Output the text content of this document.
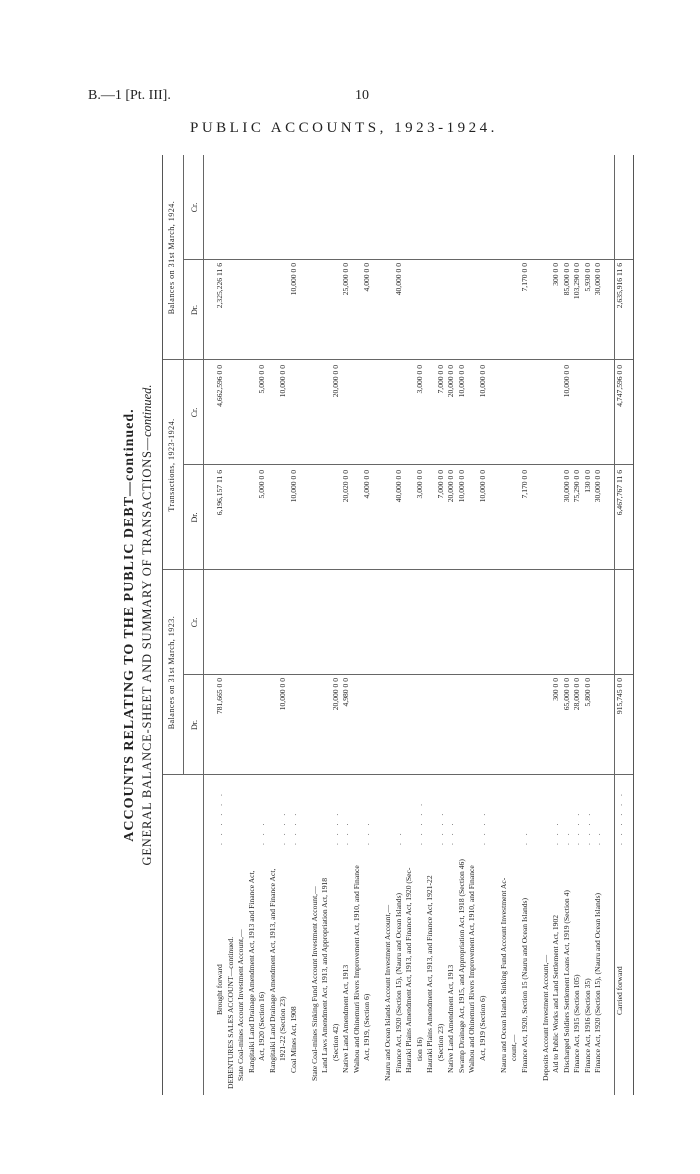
B.—1 [Pt. III].	10
PUBLIC ACCOUNTS, 1923-1924.
ACCOUNTS RELATING TO THE PUBLIC DEBT—continued. GENERAL BALANCE-SHEET AND SUMMARY OF TRANSACTIONS—continued.
Balances on 31st March, 1923.
Transactions, 1923-1924.
Balances on 31st March, 1924.
Dr.
Cr.
Dr.
Cr.
Dr.
Cr.
Brought forward
. . . . . .
781,665 0 0
6,196,157 11 6
4,662,596 0 0
2,325,226 11 6
DEBENTURES SALES ACCOUNT—continued. State Coal-mines Account Investment Account,— Rangitaiki Land Drainage Amendment Act, 1913 and Finance Act, Act, 1920 (Section 16)
. . .
5,000 0 0
5,000 0 0
Rangitaiki Land Drainage Amendment Act, 1913, and Finance Act, 1921-22 (Section 23)
. . . .
10,000 0 0
10,000 0 0
Coal Mines Act, 1908
. . . .
10,000 0 0
10,000 0 0
State Coal-mines Sinking Fund Account Investment Account,— Land Laws Amendment Act, 1913, and Appropriation Act, 1918 (Section 42)
. . . .
20,000 0 0
20,000 0 0
Native Land Amendment Act, 1913
. . .
4,980 0 0
20,020 0 0
25,000 0 0
Waihou and Ohinemuri Rivers Improvement Act, 1910, and Finance Act, 1919, (Section 6)
. . .
4,000 0 0
4,000 0 0
Nauru and Ocean Islands Account Investment Account,— Finance Act, 1920 (Section 15), (Nauru and Ocean Islands)
. .
40,000 0 0
40,000 0 0
Hauraki Plains Amendment Act, 1913, and Finance Act, 1920 (Sec- tion 16)
. . . . .
3,000 0 0
3,000 0 0
Hauraki Plains Amendment Act, 1913, and Finance Act, 1921-22 (Section 23)
. . . .
7,000 0 0
7,000 0 0
Native Land Amendment Act, 1913
. . .
20,000 0 0
20,000 0 0
Swamp Drainage Act, 1915, and Appropriation Act, 1918 (Section 46)
10,000 0 0
10,000 0 0
Waihou and Ohinemuri Rivers Improvement Act, 1910, and Finance Act, 1919 (Section 6)
. . . .
10,000 0 0
10,000 0 0
Nauru and Ocean Islands Sinking Fund Account Investment Ac- count,— Finance Act, 1920, Section 15 (Nauru and Ocean Islands)
. .
7,170 0 0
7,170 0 0
Deposits Account Investment Account,— Aid to Public Works and Land Settlement Act, 1902
. . .
300 0 0
300 0 0
Discharged Soldiers Settlement Loans Act, 1919 (Section 4)
. .
65,000 0 0
30,000 0 0
10,000 0 0
85,000 0 0
Finance Act, 1915 (Section 105)
. . . .
28,000 0 0
75,290 0 0
103,290 0 0
Finance Act, 1916 (Section 35)
. . . .
5,800 0 0
130 0 0
5,930 0 0
Finance Act, 1920 (Section 15), (Nauru and Ocean Islands)
. .
30,000 0 0
30,000 0 0
Carried forward
. . . . . .
915,745 0 0
6,467,767 11 6
4,747,596 0 0
2,635,916 11 6
